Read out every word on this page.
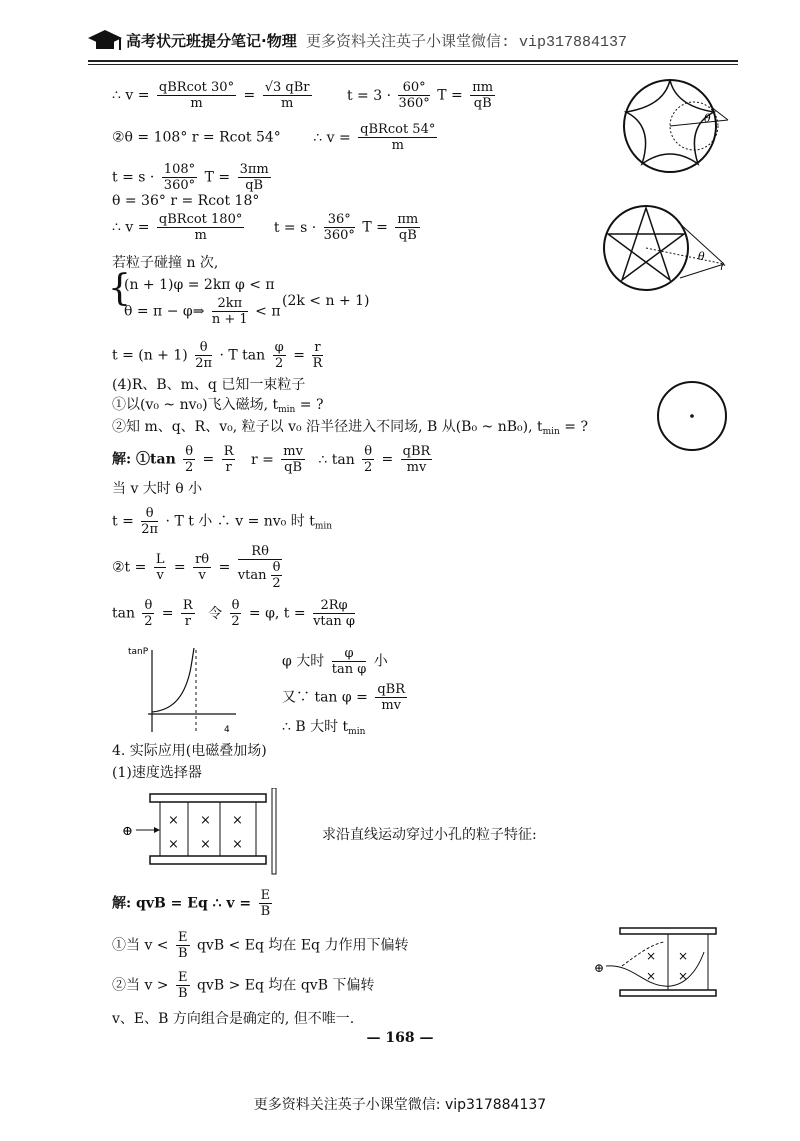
高考状元班提分笔记·物理 更多资料关注英子小课堂微信: vip317884137
∴ $v = \frac{\text{qBRcot 30°}}{m} = \frac{\text{√3 qBr}}{m}$	$t = 3 \cdot \frac{60^\circ}{360^\circ}$ $T = \frac{\pi m}{qB}$
②θ = 108° r = Rcot 54° ∴ $v = \frac{\text{qBRcot 54°}}{m}$
$t = s \cdot \frac{108^\circ}{360^\circ}$ $T = \frac{3\pi m}{qB}$
θ = 36° r = Rcot 18°
∴ $v = \frac{\text{qBRcot 180°}}{m}$ $t = s \cdot \frac{36^\circ}{360^\circ}$ $T = \frac{\pi m}{qB}$
若粒子碰撞 n 次,
{
(n + 1)φ = 2kπ φ < π
θ = π − φ⇒ $\frac{2k\pi}{n + 1} < \pi$
(2k < n + 1)
$t = (n + 1) \frac{\theta}{2\pi} \cdot T$ $\tan \frac{\varphi}{2} = \frac{r}{R}$
(4)R、B、m、q 已知一束粒子
①以(v₀ ~ nv₀)飞入磁场, $t_{min}$ = ?
②知 m、q、R、v₀, 粒子以 v₀ 沿半径进入不同场, B 从(B₀ ~ nB₀), $t_{min}$ = ?
解: ①tan $\frac{\theta}{2} = \frac{R}{r}$ $r = \frac{mv}{qB}$ ∴ $\tan \frac{\theta}{2} = \frac{\text{qBR}}{mv}$
当 v 大时 θ 小
$t = \frac{\theta}{2\pi} \cdot T$ t 小 ∴ v = nv₀ 时 $t_{min}$
②t = $\frac{L}{v} = \frac{r\theta}{v} = \frac{R\theta}{vtan \frac{\theta}{2}}$
$\tan \frac{\theta}{2} = \frac{R}{r}$ 令 $\frac{\theta}{2} = \varphi$, $t = \frac{2R\varphi}{\text{vtan φ}}$
tanP
4
φ 大时 $\frac{\varphi}{\text{tan φ}}$ 小
又∵ $\tan \varphi = \frac{\text{qBR}}{mv}$
∴ B 大时 $t_{min}$
4. 实际应用(电磁叠加场)
(1)速度选择器
⊕
× × ×
× × ×
求沿直线运动穿过小孔的粒子特征:
解: qvB = Eq ∴ $v = \frac{E}{B}$
①当 $v < \frac{E}{B}$ qvB < Eq 均在 Eq 力作用下偏转
②当 $v > \frac{E}{B}$ qvB > Eq 均在 qvB 下偏转
v、E、B 方向组合是确定的, 但不唯一.
θ
θ
r
⊕
× ×
× ×
— 168 —
更多资料关注英子小课堂微信: vip317884137
